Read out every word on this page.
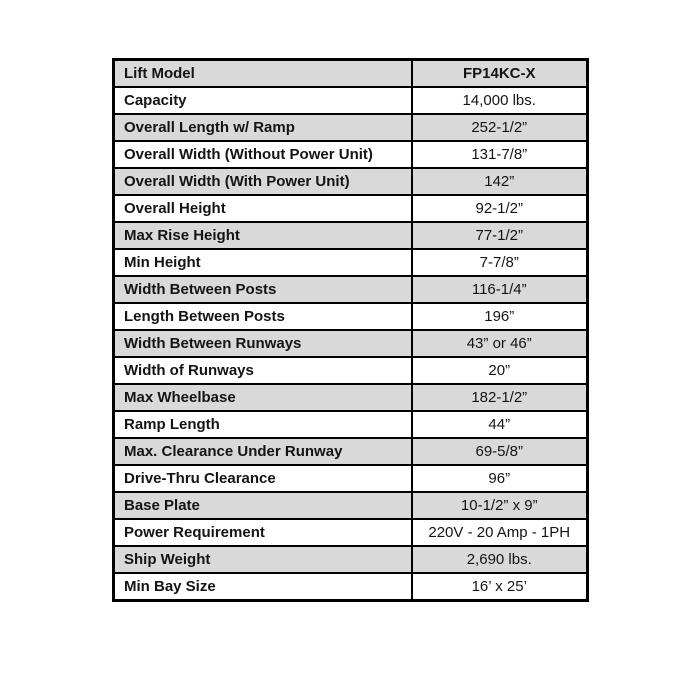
Lift Model	FP14KC-X
Capacity	14,000 lbs.
Overall Length w/ Ramp	252-1/2”
Overall Width (Without Power Unit)	131-7/8”
Overall Width (With Power Unit)	142”
Overall Height	92-1/2”
Max Rise Height	77-1/2”
Min Height	7-7/8”
Width Between Posts	116-1/4”
Length Between Posts	196”
Width Between Runways	43” or 46”
Width of Runways	20”
Max Wheelbase	182-1/2”
Ramp Length	44”
Max. Clearance Under Runway	69-5/8”
Drive-Thru Clearance	96”
Base Plate	10-1/2” x 9”
Power Requirement	220V - 20 Amp - 1PH
Ship Weight	2,690 lbs.
Min Bay Size	16’ x 25’
